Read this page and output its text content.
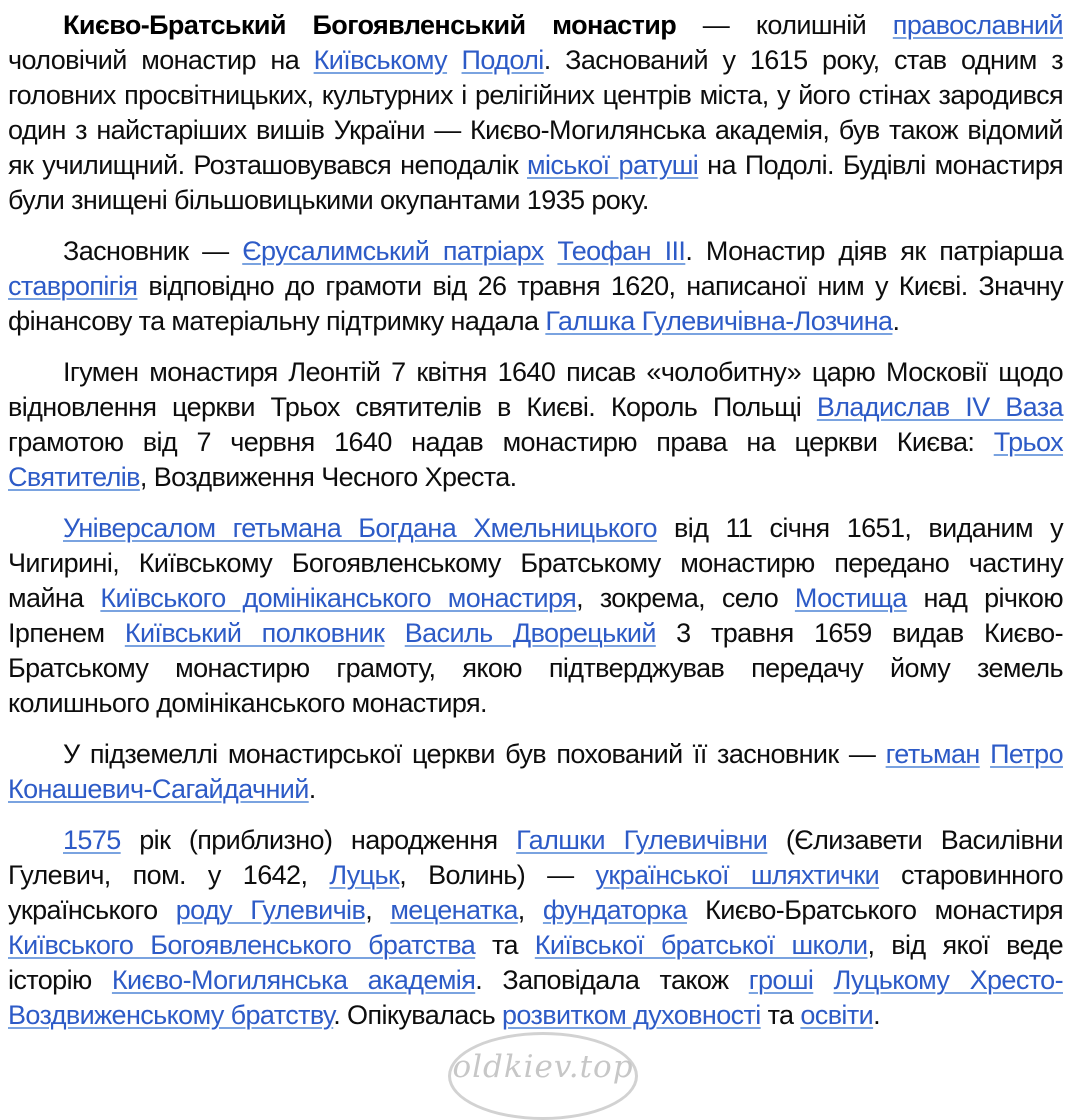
Києво-Братський Богоявленський монастир — колишній православний чоловічий монастир на Київському Подолі. Заснований у 1615 року, став одним з головних просвітницьких, культурних і релігійних центрів міста, у його стінах зародився один з найстаріших вишів України — Києво-Могилянська академія, був також відомий як училищний. Розташовувався неподалік міської ратуші на Подолі. Будівлі монастиря були знищені більшовицькими окупантами 1935 року.

Засновник — Єрусалимський патріарх Теофан III. Монастир діяв як патріарша ставропігія відповідно до грамоти від 26 травня 1620, написаної ним у Києві. Значну фінансову та матеріальну підтримку надала Галшка Гулевичівна-Лозчина.

Ігумен монастиря Леонтій 7 квітня 1640 писав «чолобитну» царю Московії щодо відновлення церкви Трьох святителів в Києві. Король Польщі Владислав IV Ваза грамотою від 7 червня 1640 надав монастирю права на церкви Києва: Трьох Святителів, Воздвиження Чесного Хреста.

Універсалом гетьмана Богдана Хмельницького від 11 січня 1651, виданим у Чигирині, Київському Богоявленському Братському монастирю передано частину майна Київського домініканського монастиря, зокрема, село Мостища над річкою Ірпенем Київський полковник Василь Дворецький 3 травня 1659 видав Києво-Братському монастирю грамоту, якою підтверджував передачу йому земель колишнього домініканського монастиря.

У підземеллі монастирської церкви був похований її засновник — гетьман Петро Конашевич-Сагайдачний.

1575 рік (приблизно) народження Галшки Гулевичівни (Єлизавети Василівни Гулевич, пом. у 1642, Луцьк, Волинь) — української шляхтички старовинного українського роду Гулевичів, меценатка, фундаторка Києво-Братського монастиря Київського Богоявленського братства та Київської братської школи, від якої веде історію Києво-Могилянська академія. Заповідала також гроші Луцькому Хресто-Воздвиженському братству. Опікувалась розвитком духовності та освіти.

oldkiev.top
